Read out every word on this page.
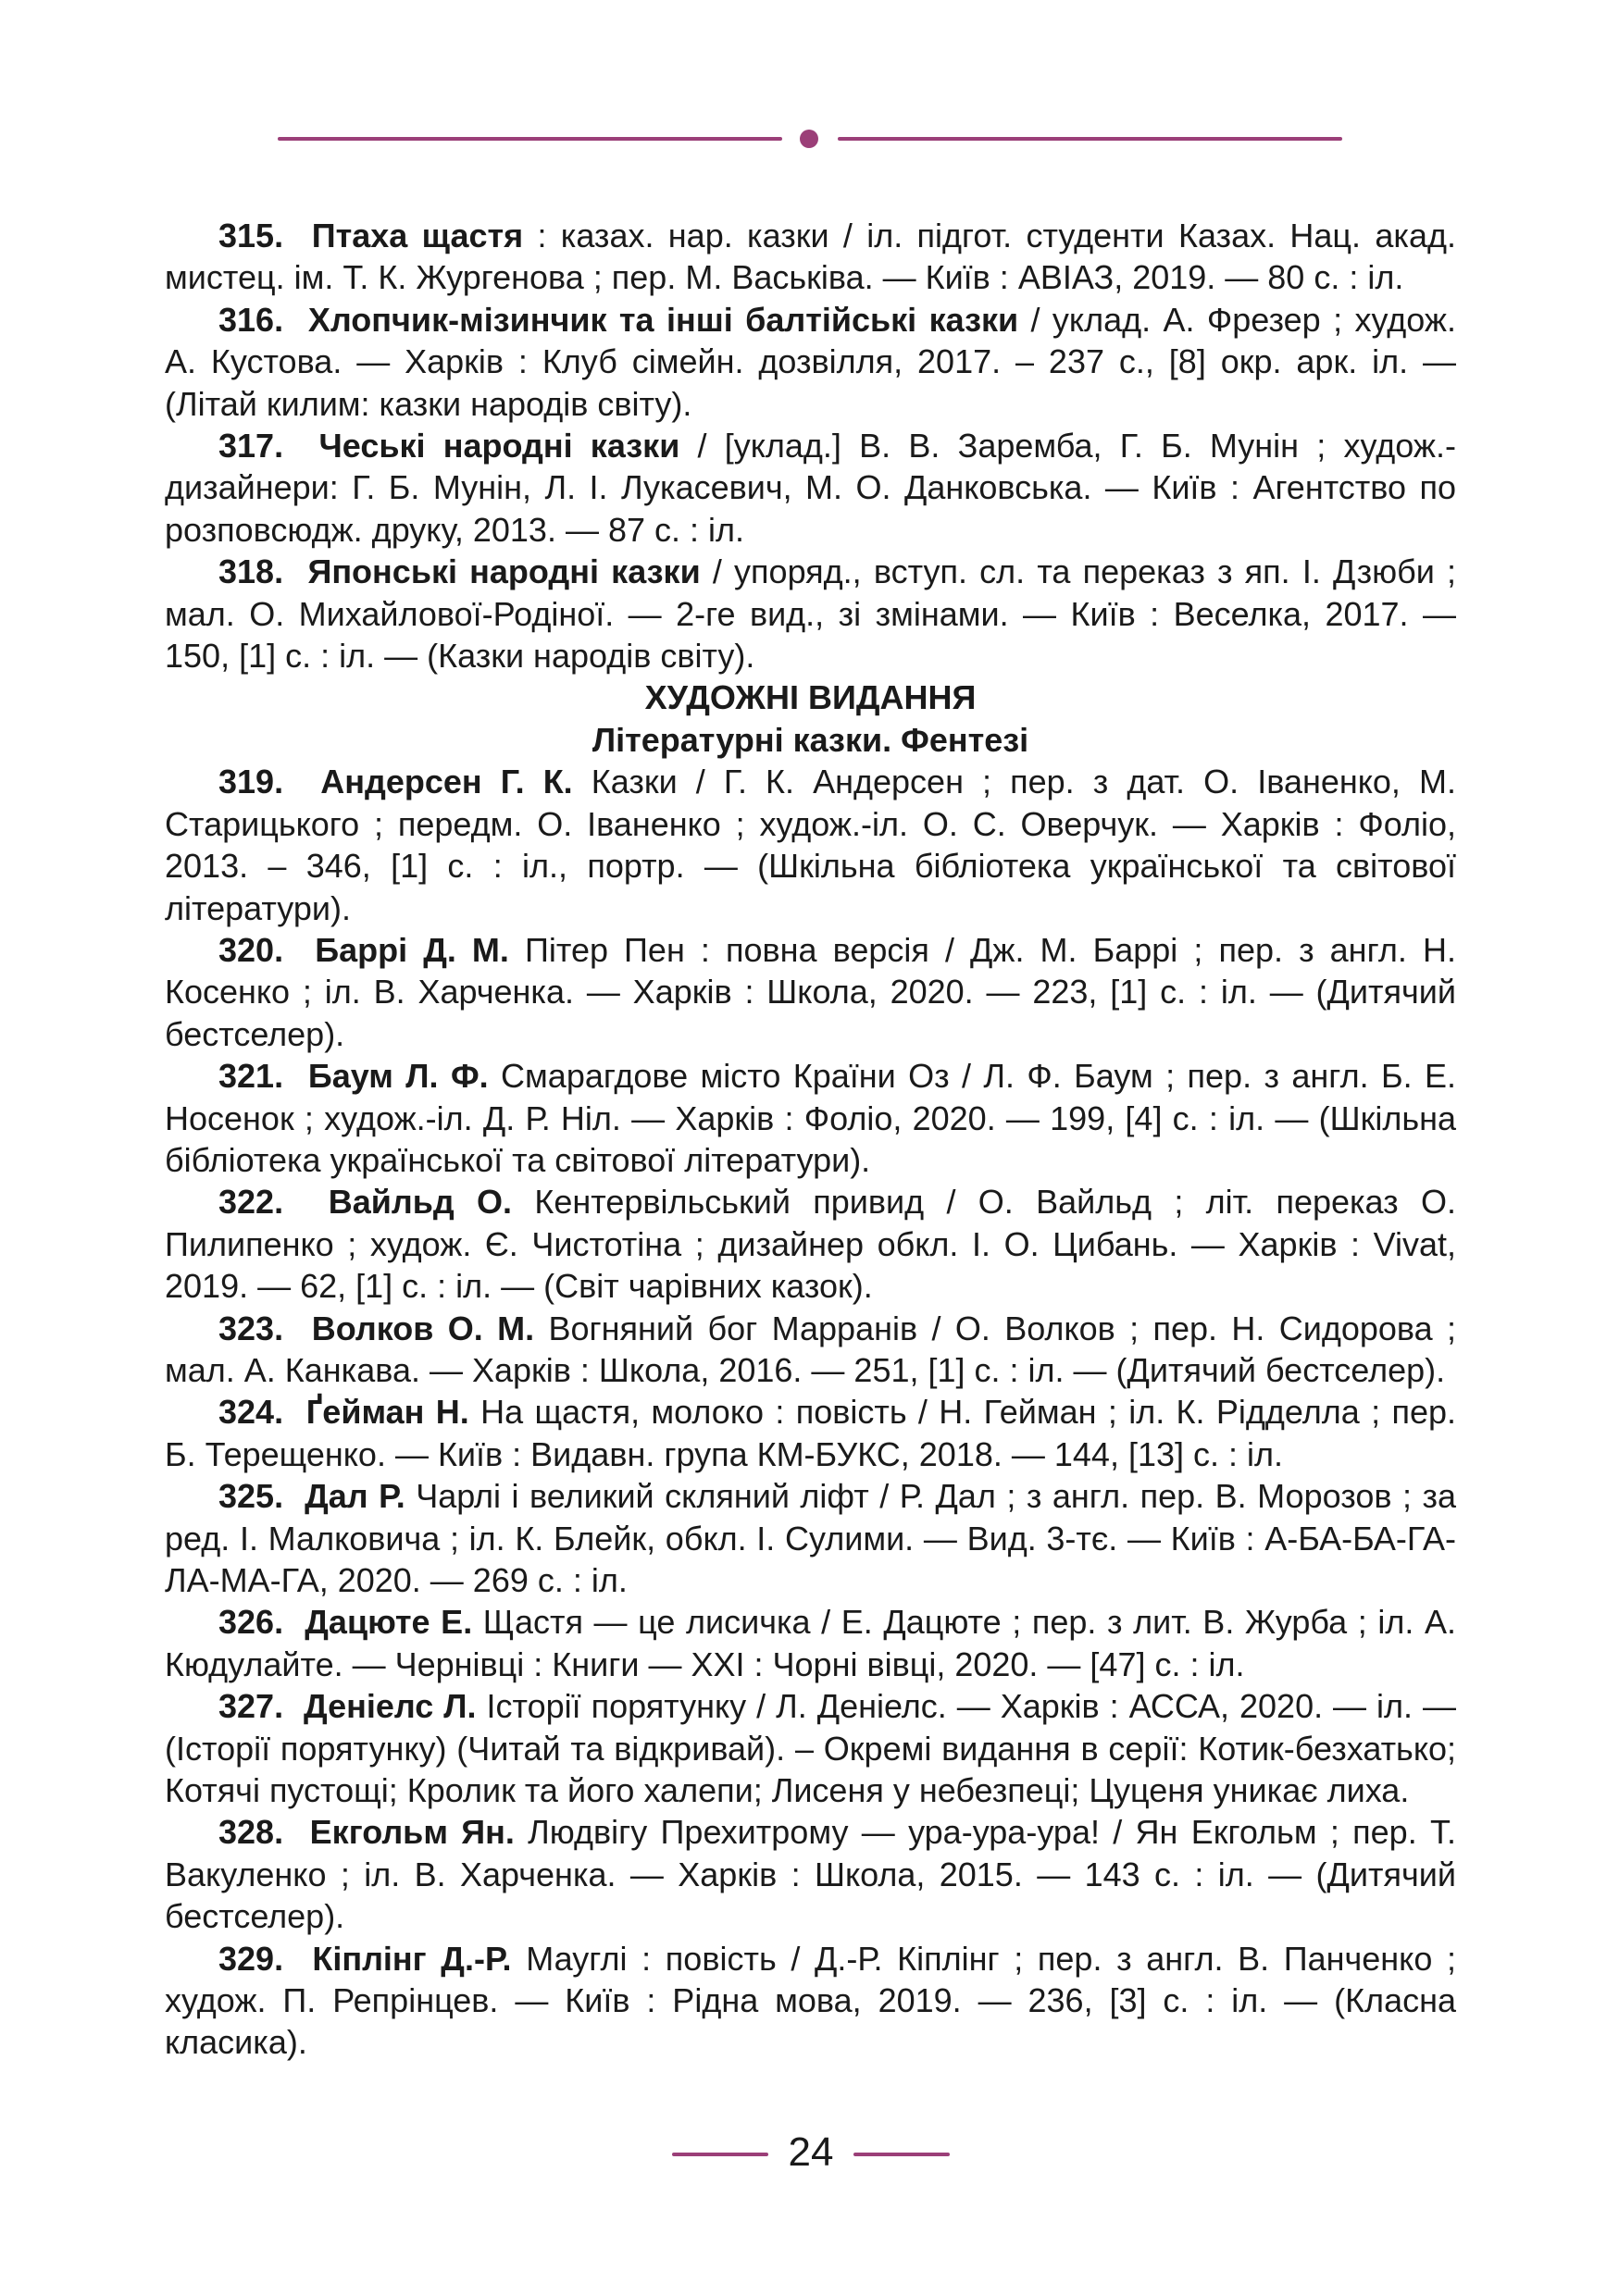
315. Птаха щастя : казах. нар. казки / іл. підгот. студенти Казах. Нац. акад. мистец. ім. Т. К. Жургенова ; пер. М. Васьківа. — Київ : АВІАЗ, 2019. — 80 с. : іл.

316. Хлопчик-мізинчик та інші балтійські казки / уклад. А. Фрезер ; худож. А. Кустова. — Харків : Клуб сімейн. дозвілля, 2017. – 237 с., [8] окр. арк. іл. — (Літай килим: казки народів світу).

317. Чеські народні казки / [уклад.] В. В. Заремба, Г. Б. Мунін ; худож.-дизайнери: Г. Б. Мунін, Л. І. Лукасевич, М. О. Данковська. — Київ : Агентство по розповсюдж. друку, 2013. — 87 с. : іл.

318. Японські народні казки / упоряд., вступ. сл. та переказ з яп. І. Дзюби ; мал. О. Михайлової-Родіної. — 2-ге вид., зі змінами. — Київ : Веселка, 2017. — 150, [1] с. : іл. — (Казки народів світу).

ХУДОЖНІ ВИДАННЯ

Літературні казки. Фентезі

319. Андерсен Г. К. Казки / Г. К. Андерсен ; пер. з дат. О. Іваненко, М. Старицького ; передм. О. Іваненко ; худож.-іл. О. С. Оверчук. — Харків : Фоліо, 2013. – 346, [1] с. : іл., портр. — (Шкільна бібліотека української та світової літератури).

320. Баррі Д. М. Пітер Пен : повна версія / Дж. М. Баррі ; пер. з англ. Н. Косенко ; іл. В. Харченка. — Харків : Школа, 2020. — 223, [1] с. : іл. — (Дитячий бестселер).

321. Баум Л. Ф. Смарагдове місто Країни Оз / Л. Ф. Баум ; пер. з англ. Б. Е. Носенок ; худож.-іл. Д. Р. Ніл. — Харків : Фоліо, 2020. — 199, [4] с. : іл. — (Шкільна бібліотека української та світової літератури).

322. Вайльд О. Кентервільський привид / О. Вайльд ; літ. переказ О. Пилипенко ; худож. Є. Чистотіна ; дизайнер обкл. І. О. Цибань. — Харків : Vivat, 2019. — 62, [1] с. : іл. — (Світ чарівних казок).

323. Волков О. М. Вогняний бог Марранів / О. Волков ; пер. Н. Сидорова ; мал. А. Канкава. — Харків : Школа, 2016. — 251, [1] с. : іл. — (Дитячий бестселер).

324. Ґейман Н. На щастя, молоко : повість / Н. Гейман ; іл. К. Рідделла ; пер. Б. Терещенко. — Київ : Видавн. група КМ-БУКС, 2018. — 144, [13] с. : іл.

325. Дал Р. Чарлі і великий скляний ліфт / Р. Дал ; з англ. пер. В. Морозов ; за ред. І. Малковича ; іл. К. Блейк, обкл. І. Сулими. — Вид. 3-тє. — Київ : А-БА-БА-ГА-ЛА-МА-ГА, 2020. — 269 с. : іл.

326. Дацюте Е. Щастя — це лисичка / Е. Дацюте ; пер. з лит. В. Журба ; іл. А. Кюдулайте. — Чернівці : Книги — ХХІ : Чорні вівці, 2020. — [47] с. : іл.

327. Деніелс Л. Історії порятунку / Л. Деніелс. — Харків : АССА, 2020. — іл. — (Історії порятунку) (Читай та відкривай). – Окремі видання в серії: Котик-безхатько; Котячі пустощі; Кролик та його халепи; Лисеня у небезпеці; Цуценя уникає лиха.

328. Екгольм Ян. Людвігу Прехитрому — ура-ура-ура! / Ян Екгольм ; пер. Т. Вакуленко ; іл. В. Харченка. — Харків : Школа, 2015. — 143 с. : іл. — (Дитячий бестселер).

329. Кіплінг Д.-Р. Мауглі : повість / Д.-Р. Кіплінг ; пер. з англ. В. Панченко ; худож. П. Репрінцев. — Київ : Рідна мова, 2019. — 236, [3] с. : іл. — (Класна класика).

24
